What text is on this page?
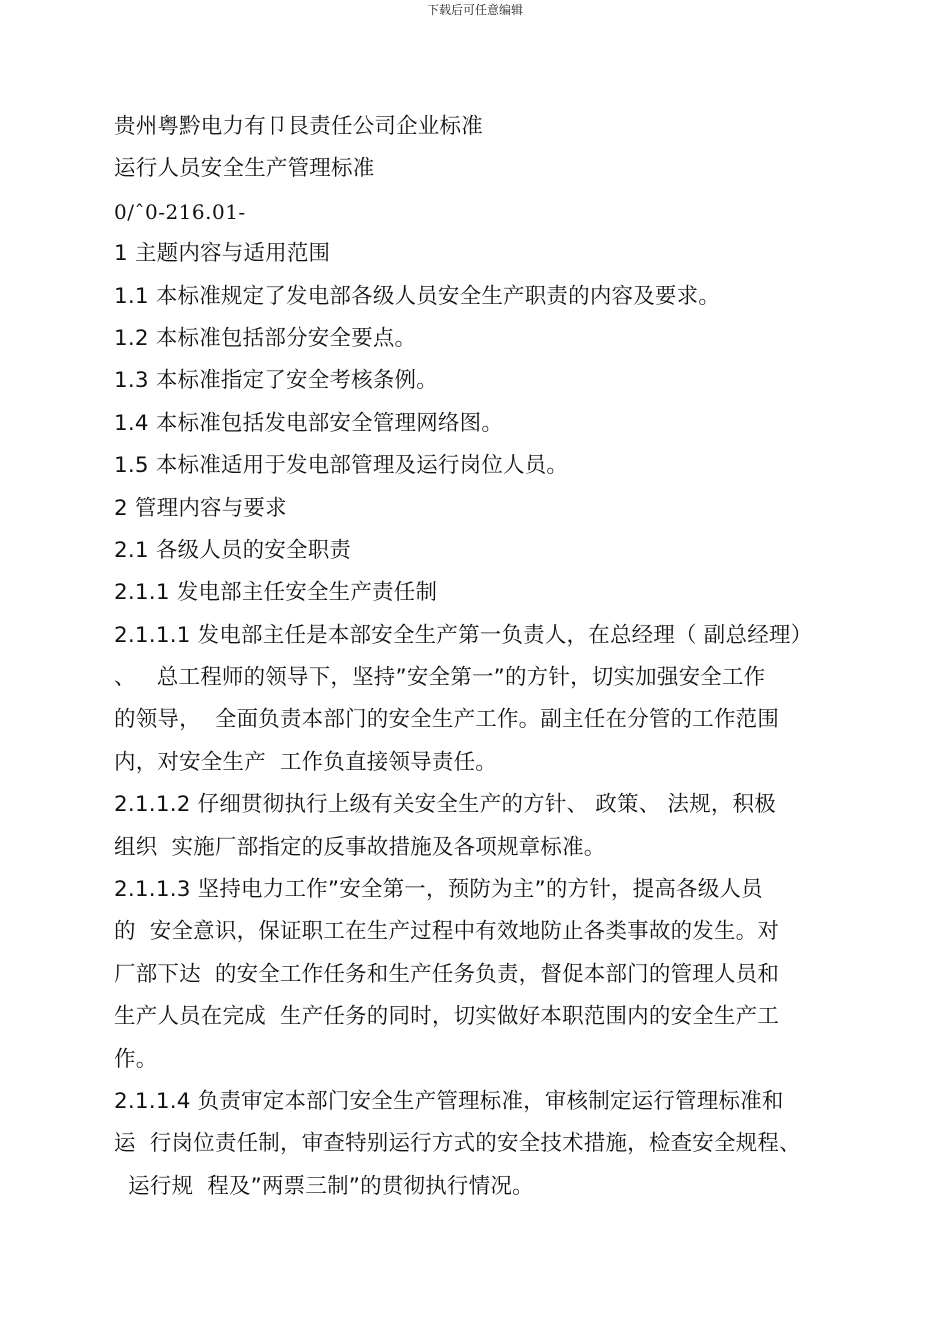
下载后可任意编辑
贵州粤黔电力有卩艮责任公司企业标准
运行人员安全生产管理标准
0/ˆ0-216.01-
1 主题内容与适用范围
1.1 本标准规定了发电部各级人员安全生产职责的内容及要求。
1.2 本标准包括部分安全要点。
1.3 本标准指定了安全考核条例。
1.4 本标准包括发电部安全管理网络图。
1.5 本标准适用于发电部管理及运行岗位人员。
2 管理内容与要求
2.1 各级人员的安全职责
2.1.1 发电部主任安全生产责任制
2.1.1.1 发电部主任是本部安全生产第一负责人，在总经理（ 副总经理）
、   总工程师的领导下，坚持”安全第一”的方针，切实加强安全工作
的领导，  全面负责本部门的安全生产工作。副主任在分管的工作范围
内，对安全生产  工作负直接领导责任。
2.1.1.2 仔细贯彻执行上级有关安全生产的方针、 政策、 法规，积极
组织  实施厂部指定的反事故措施及各项规章标准。
2.1.1.3 坚持电力工作”安全第一，预防为主”的方针，提高各级人员
的  安全意识，保证职工在生产过程中有效地防止各类事故的发生。对
厂部下达  的安全工作任务和生产任务负责，督促本部门的管理人员和
生产人员在完成  生产任务的同时，切实做好本职范围内的安全生产工
作。
2.1.1.4 负责审定本部门安全生产管理标准，审核制定运行管理标准和
运  行岗位责任制，审查特别运行方式的安全技术措施，检查安全规程、
运行规  程及”两票三制”的贯彻执行情况。
